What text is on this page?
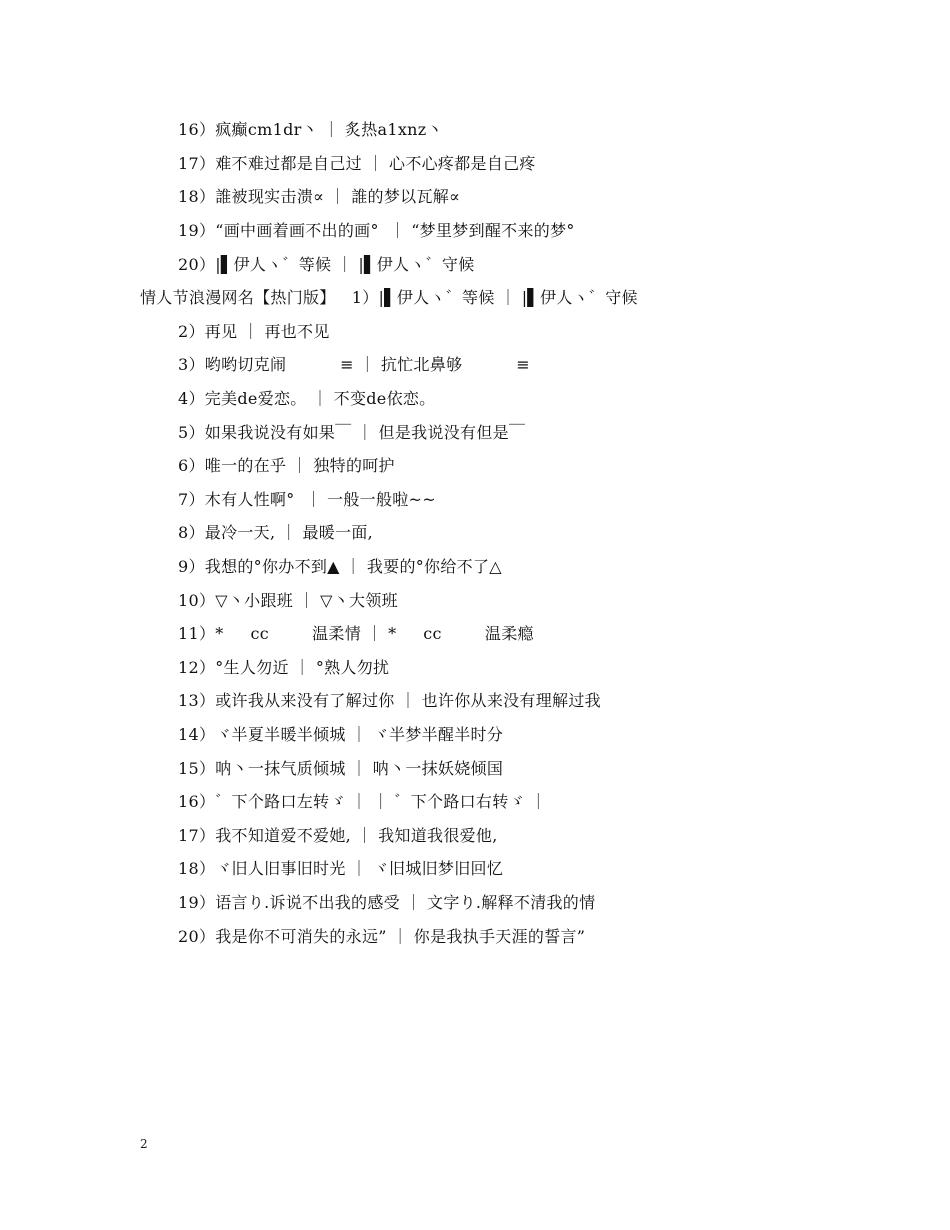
16）疯癫cm1dr丶 ｜ 炙热a1xnz丶
17）难不难过都是自己过 ｜ 心不心疼都是自己疼
18）誰被现实击溃∝ ｜ 誰的梦以瓦解∝
19）“画中画着画不出的画°  ｜ “梦里梦到醒不来的梦°
20）|▌伊人ヽ゛等候 ｜ |▌伊人ヽ゛守候
情人节浪漫网名【热门版】 1）|▌伊人ヽ゛等候 ｜ |▌伊人ヽ゛守候
2）再见 ｜ 再也不见
3）哟哟切克闹          ≡ ｜ 抗忙北鼻够          ≡
4）完美de爱恋。 ｜ 不变de依恋。
5）如果我说没有如果￣ ｜ 但是我说没有但是￣
6）唯一的在乎 ｜ 独特的呵护
7）木有人性啊°  ｜ 一般一般啦~~
8）最冷一天, ｜ 最暖一面,
9）我想的°你办不到▲ ｜ 我要的°你给不了△
10）▽丶小跟班 ｜ ▽丶大领班
11）*     cc        温柔情 ｜ *     cc        温柔瘾
12）°生人勿近 ｜ °熟人勿扰
13）或许我从来没有了解过你 ｜ 也许你从来没有理解过我
14）ヾ半夏半暖半倾城 ｜ ヾ半梦半醒半时分
15）呐丶一抹气质倾城 ｜ 呐丶一抹妖娆倾国
16）゛下个路口左转ゞ ｜ ｜ ゛下个路口右转ゞ ｜
17）我不知道爱不爱她, ｜ 我知道我很爱他,
18）ヾ旧人旧事旧时光 ｜ ヾ旧城旧梦旧回忆
19）语言り.诉说不出我的感受 ｜ 文字り.解释不清我的情
20）我是你不可消失的永远” ｜ 你是我执手天涯的誓言”
2
